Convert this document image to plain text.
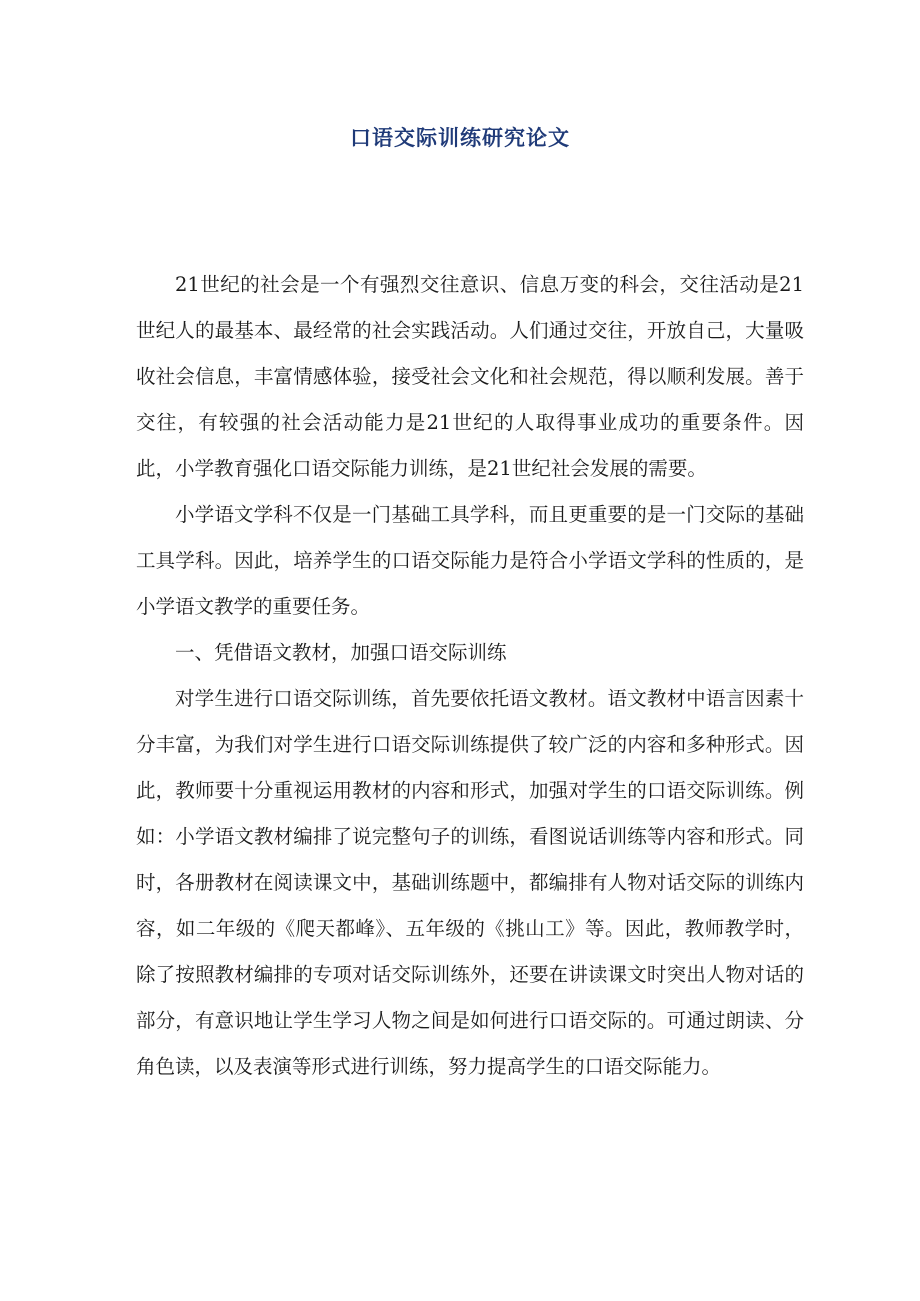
口语交际训练研究论文

21世纪的社会是一个有强烈交往意识、信息万变的科会，交往活动是21世纪人的最基本、最经常的社会实践活动。人们通过交往，开放自己，大量吸收社会信息，丰富情感体验，接受社会文化和社会规范，得以顺利发展。善于交往，有较强的社会活动能力是21世纪的人取得事业成功的重要条件。因此，小学教育强化口语交际能力训练，是21世纪社会发展的需要。

小学语文学科不仅是一门基础工具学科，而且更重要的是一门交际的基础工具学科。因此，培养学生的口语交际能力是符合小学语文学科的性质的，是小学语文教学的重要任务。

一、凭借语文教材，加强口语交际训练

对学生进行口语交际训练，首先要依托语文教材。语文教材中语言因素十分丰富，为我们对学生进行口语交际训练提供了较广泛的内容和多种形式。因此，教师要十分重视运用教材的内容和形式，加强对学生的口语交际训练。例如：小学语文教材编排了说完整句子的训练，看图说话训练等内容和形式。同时，各册教材在阅读课文中，基础训练题中，都编排有人物对话交际的训练内容，如二年级的《爬天都峰》、五年级的《挑山工》等。因此，教师教学时，除了按照教材编排的专项对话交际训练外，还要在讲读课文时突出人物对话的部分，有意识地让学生学习人物之间是如何进行口语交际的。可通过朗读、分角色读，以及表演等形式进行训练，努力提高学生的口语交际能力。
